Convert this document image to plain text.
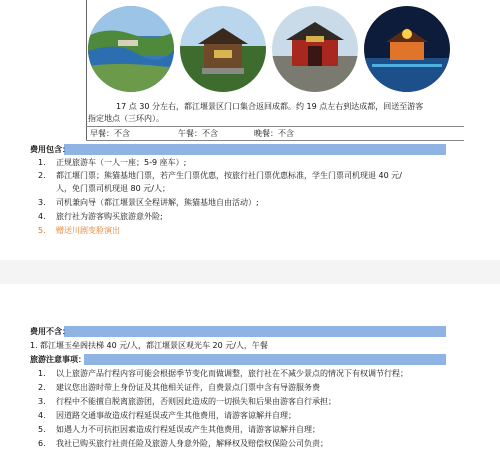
17 点 30 分左右，都江堰景区门口集合返回成都。约 19 点左右到达成都，回送至游客
指定地点（三环内）。
早餐：不含	午餐：不含	晚餐：不含
费用包含：
1. 正规旅游车（一人一座；5-9 座车）;
2. 都江堰门票；熊猫基地门票，若产生门票优惠，按旅行社门票优惠标准，学生门票司机现退 40 元/
人，免门票司机现退 80 元/人；
3. 司机兼向导（都江堰景区全程讲解，熊猫基地自由活动）;
4. 旅行社为游客购买旅游意外险;
5. 赠送川剧变脸演出
费用不含：
1. 都江堰玉垒阁扶梯 40 元/人，都江堰景区观光车 20 元/人，午餐
旅游注意事项：
1. 以上旅游产品行程内容可能会根据季节变化而做调整，旅行社在不减少景点的情况下有权调节行程；
2. 建议您出游时带上身份证及其他相关证件，自费景点门票中含有导游服务费
3. 行程中不能擅自脱离旅游团，否则因此造成的一切损失和后果由游客自行承担；
4. 因道路交通事故造成行程延误或产生其他费用，请游客谅解并自理；
5. 如遇人力不可抗拒因素造成行程延误或产生其他费用，请游客谅解并自理；
6. 我社已购买旅行社责任险及旅游人身意外险，解释权及赔偿权保险公司负责；
